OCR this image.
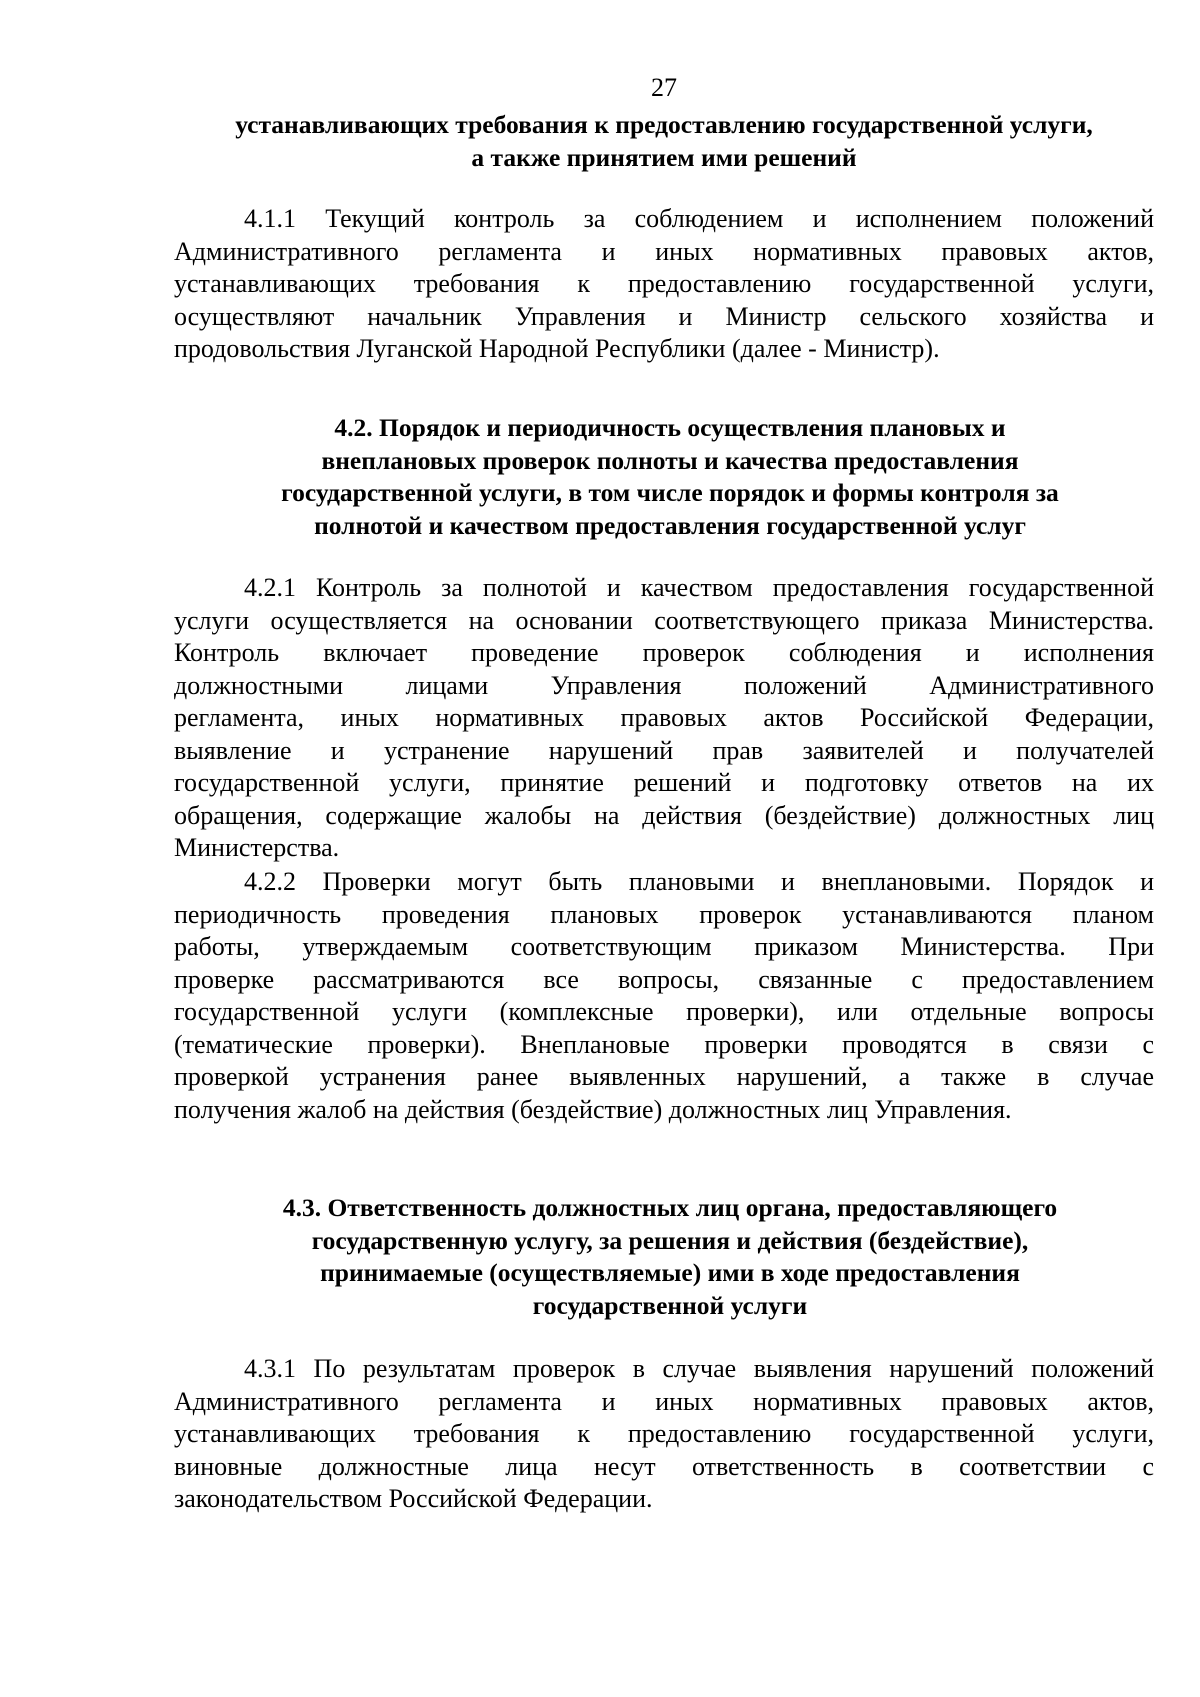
27
устанавливающих требования к предоставлению государственной услуги,
а также принятием ими решений
4.1.1 Текущий контроль за соблюдением и исполнением положений
Административного регламента и иных нормативных правовых актов,
устанавливающих требования к предоставлению государственной услуги,
осуществляют начальник Управления и Министр сельского хозяйства и
продовольствия Луганской Народной Республики (далее - Министр).
4.2. Порядок и периодичность осуществления плановых и
внеплановых проверок полноты и качества предоставления
государственной услуги, в том числе порядок и формы контроля за
полнотой и качеством предоставления государственной услуг
4.2.1 Контроль за полнотой и качеством предоставления государственной
услуги осуществляется на основании соответствующего приказа Министерства.
Контроль включает проведение проверок соблюдения и исполнения
должностными лицами Управления положений Административного
регламента, иных нормативных правовых актов Российской Федерации,
выявление и устранение нарушений прав заявителей и получателей
государственной услуги, принятие решений и подготовку ответов на их
обращения, содержащие жалобы на действия (бездействие) должностных лиц
Министерства.
4.2.2 Проверки могут быть плановыми и внеплановыми. Порядок и
периодичность проведения плановых проверок устанавливаются планом
работы, утверждаемым соответствующим приказом Министерства. При
проверке рассматриваются все вопросы, связанные с предоставлением
государственной услуги (комплексные проверки), или отдельные вопросы
(тематические проверки). Внеплановые проверки проводятся в связи с
проверкой устранения ранее выявленных нарушений, а также в случае
получения жалоб на действия (бездействие) должностных лиц Управления.
4.3. Ответственность должностных лиц органа, предоставляющего
государственную услугу, за решения и действия (бездействие),
принимаемые (осуществляемые) ими в ходе предоставления
государственной услуги
4.3.1 По результатам проверок в случае выявления нарушений положений
Административного регламента и иных нормативных правовых актов,
устанавливающих требования к предоставлению государственной услуги,
виновные должностные лица несут ответственность в соответствии с
законодательством Российской Федерации.
